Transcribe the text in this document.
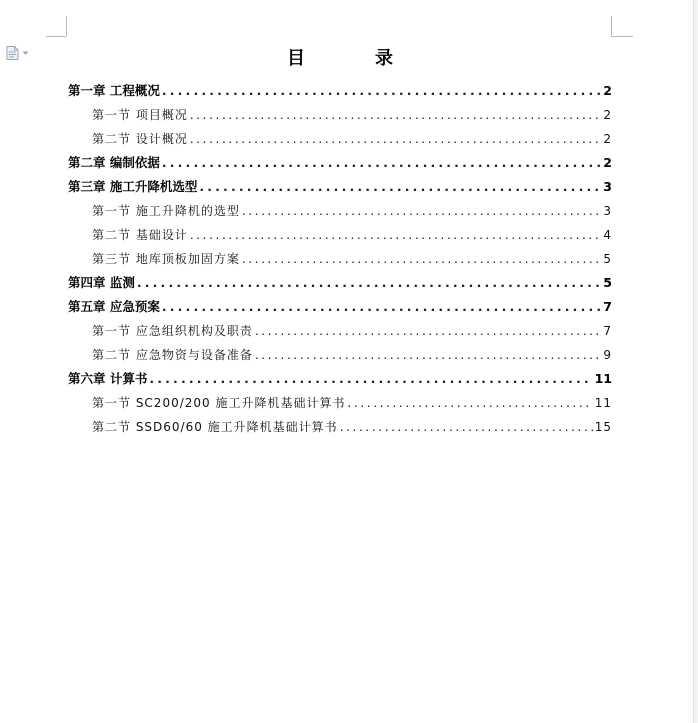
目　录
第一章 工程概况 . . .	2
第一节 项目概况 . . .	2
第二节 设计概况 . . .	2
第二章 编制依据 . . .	2
第三章 施工升降机选型 . . .	3
第一节 施工升降机的选型 . . .	3
第二节 基础设计 . . .	4
第三节 地库顶板加固方案 . . .	5
第四章 监测 . . .	5
第五章 应急预案 . . .	7
第一节 应急组织机构及职责 . . .	7
第二节 应急物资与设备准备 . . .	9
第六章 计算书 . . .	11
第一节 SC200/200 施工升降机基础计算书 . . .	11
第二节 SSD60/60 施工升降机基础计算书 . . .	15
